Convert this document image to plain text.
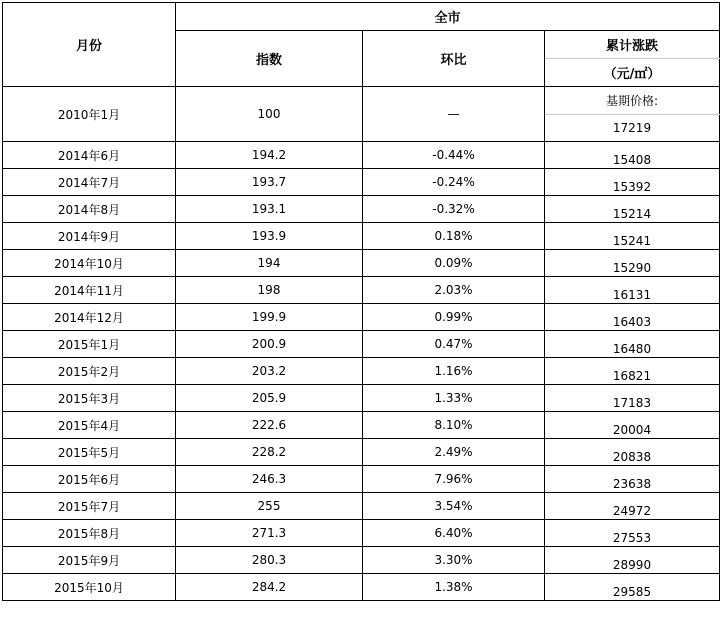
月份	全市		
	指数	环比	累计涨跌
			（元/㎡）
2010年1月	100	—	基期价格:
			17219
2014年6月	194.2	-0.44%	15408
2014年7月	193.7	-0.24%	15392
2014年8月	193.1	-0.32%	15214
2014年9月	193.9	0.18%	15241
2014年10月	194	0.09%	15290
2014年11月	198	2.03%	16131
2014年12月	199.9	0.99%	16403
2015年1月	200.9	0.47%	16480
2015年2月	203.2	1.16%	16821
2015年3月	205.9	1.33%	17183
2015年4月	222.6	8.10%	20004
2015年5月	228.2	2.49%	20838
2015年6月	246.3	7.96%	23638
2015年7月	255	3.54%	24972
2015年8月	271.3	6.40%	27553
2015年9月	280.3	3.30%	28990
2015年10月	284.2	1.38%	29585
